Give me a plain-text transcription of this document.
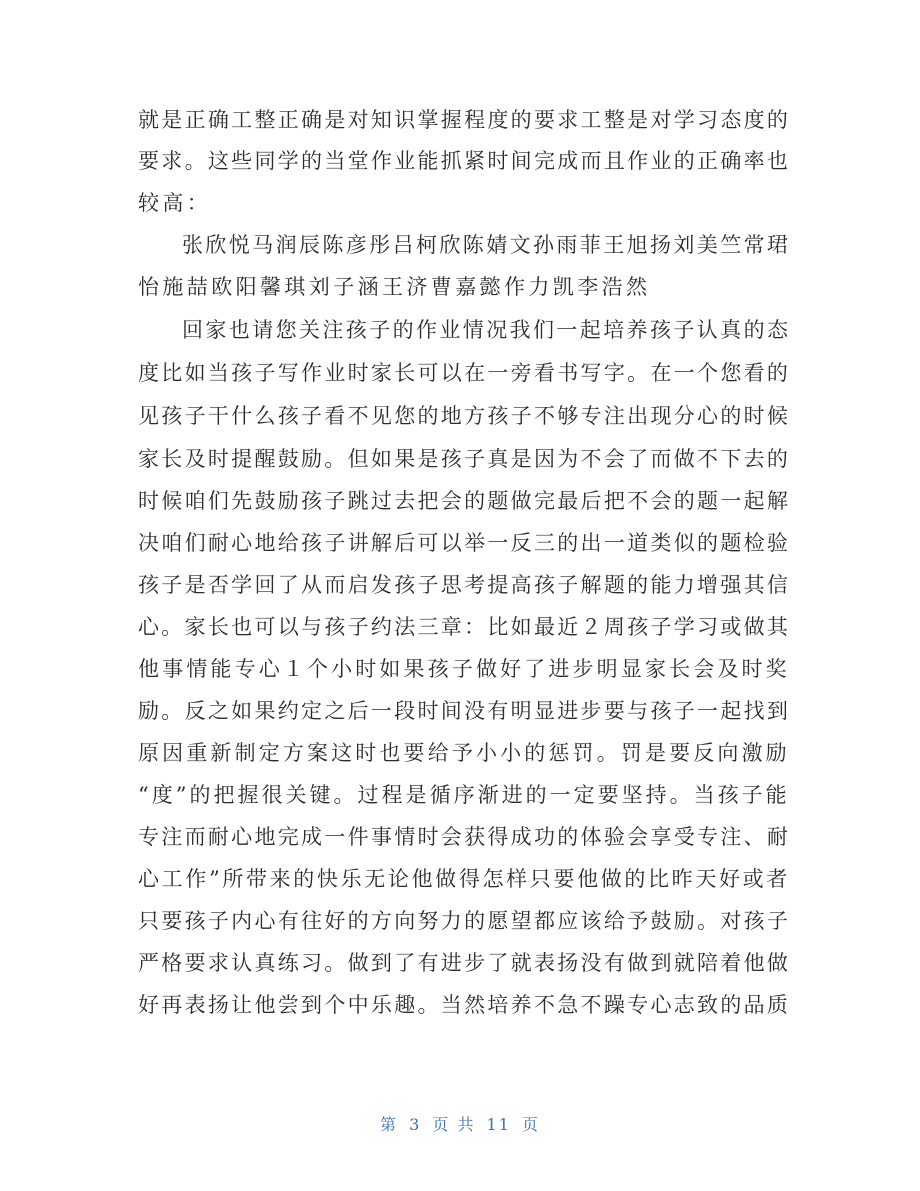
就是正确工整正确是对知识掌握程度的要求工整是对学习态度的
要求。这些同学的当堂作业能抓紧时间完成而且作业的正确率也
较高：
张欣悦马润辰陈彦彤吕柯欣陈婧文孙雨菲王旭扬刘美竺常珺
怡施喆欧阳馨琪刘子涵王济曹嘉懿作力凯李浩然
回家也请您关注孩子的作业情况我们一起培养孩子认真的态
度比如当孩子写作业时家长可以在一旁看书写字。在一个您看的
见孩子干什么孩子看不见您的地方孩子不够专注出现分心的时候
家长及时提醒鼓励。但如果是孩子真是因为不会了而做不下去的
时候咱们先鼓励孩子跳过去把会的题做完最后把不会的题一起解
决咱们耐心地给孩子讲解后可以举一反三的出一道类似的题检验
孩子是否学回了从而启发孩子思考提高孩子解题的能力增强其信
心。家长也可以与孩子约法三章：比如最近２周孩子学习或做其
他事情能专心１个小时如果孩子做好了进步明显家长会及时奖
励。反之如果约定之后一段时间没有明显进步要与孩子一起找到
原因重新制定方案这时也要给予小小的惩罚。罚是要反向激励
“度”的把握很关键。过程是循序渐进的一定要坚持。当孩子能
专注而耐心地完成一件事情时会获得成功的体验会享受专注、耐
心工作”所带来的快乐无论他做得怎样只要他做的比昨天好或者
只要孩子内心有往好的方向努力的愿望都应该给予鼓励。对孩子
严格要求认真练习。做到了有进步了就表扬没有做到就陪着他做
好再表扬让他尝到个中乐趣。当然培养不急不躁专心志致的品质
第 3 页 共 11 页
